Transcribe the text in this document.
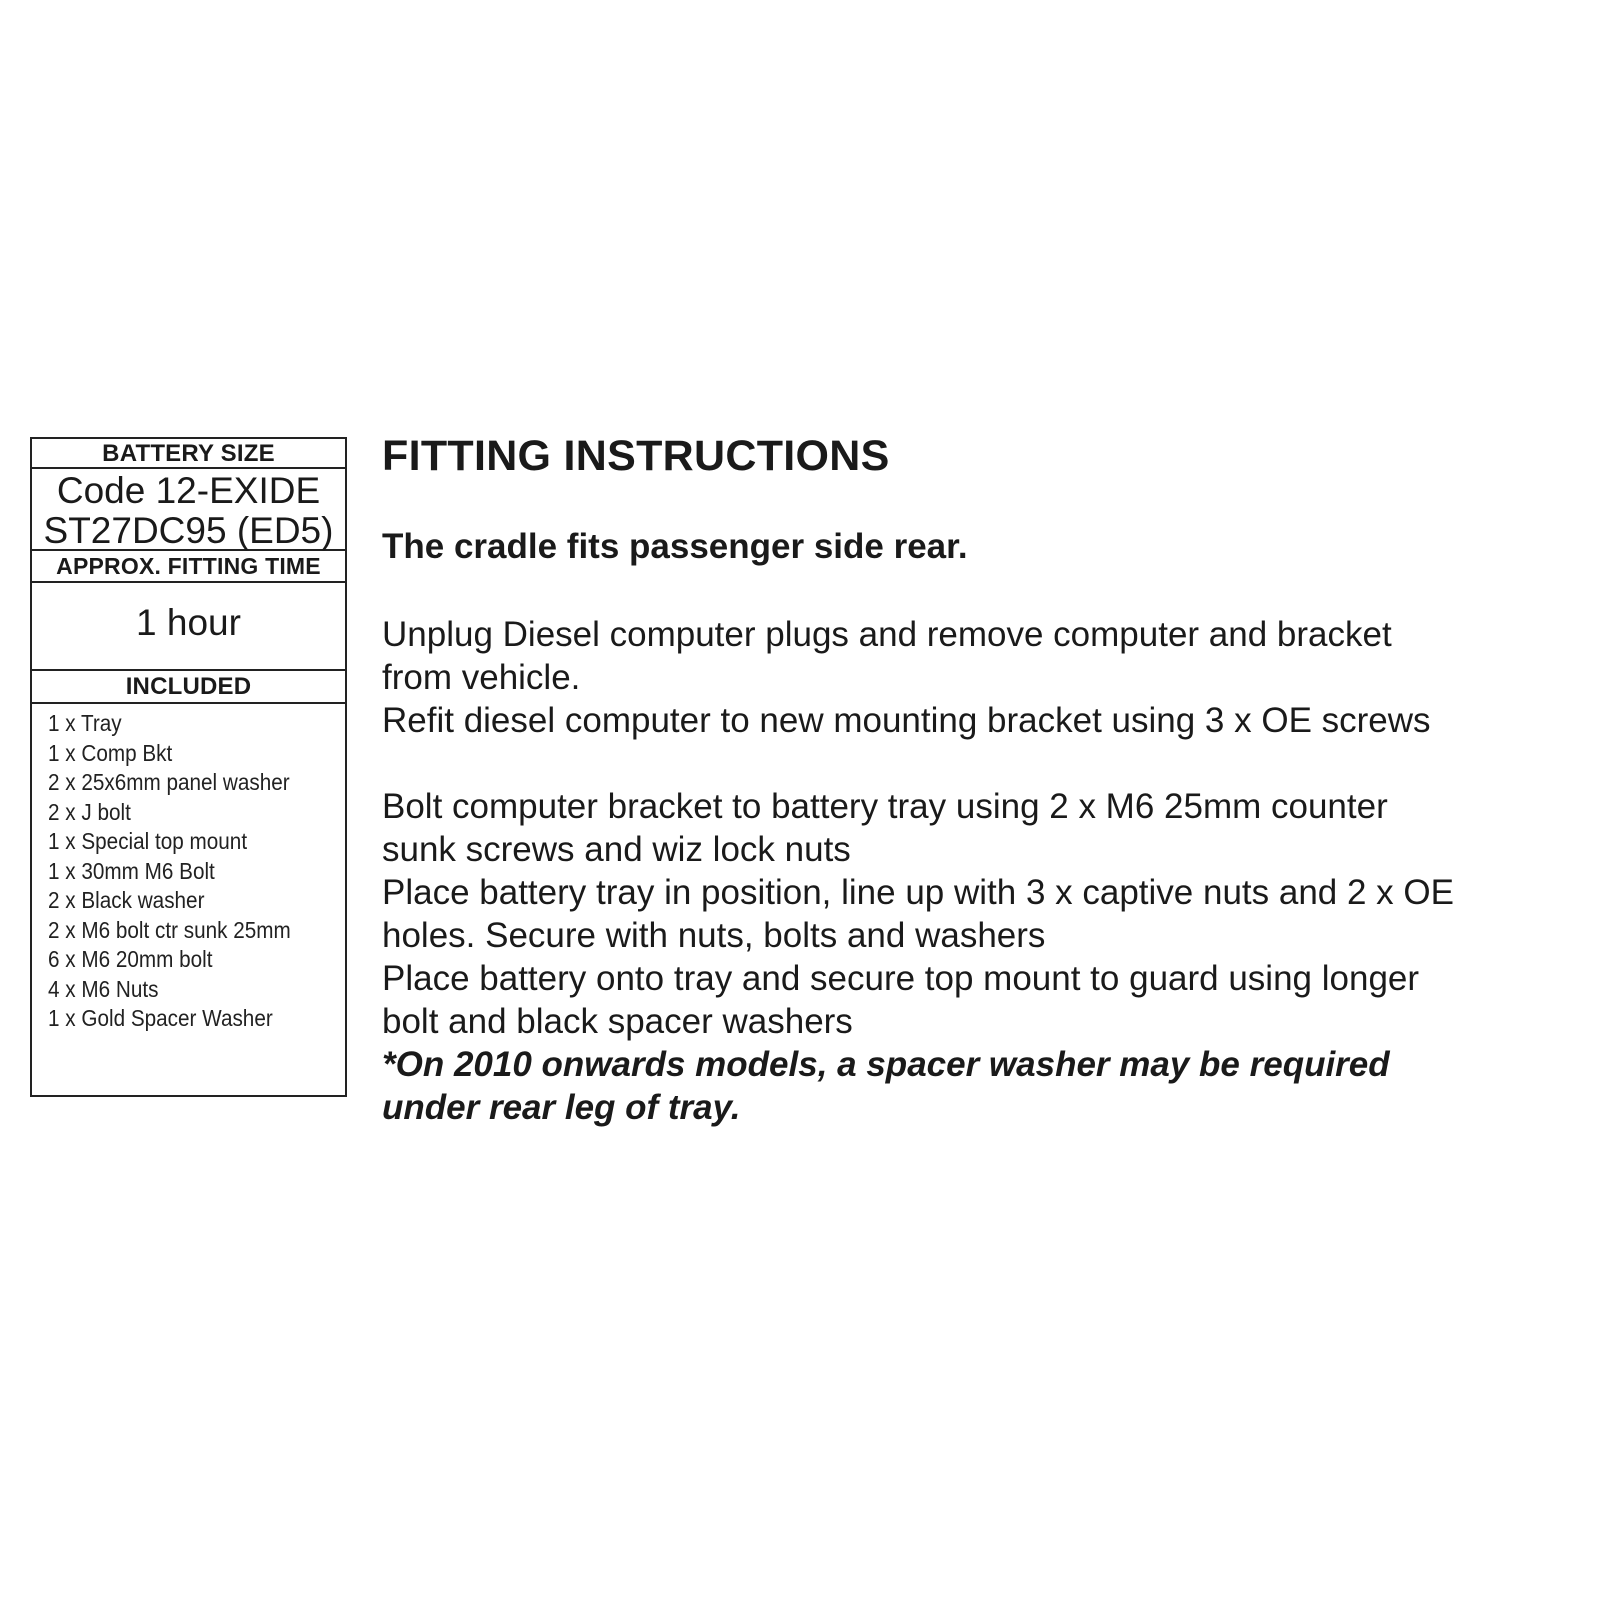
BATTERY SIZE
Code 12-EXIDE
ST27DC95 (ED5)
APPROX. FITTING TIME
1 hour
INCLUDED
1 x Tray
1 x Comp Bkt
2 x 25x6mm panel washer
2 x J bolt
1 x Special top mount
1 x 30mm M6 Bolt
2 x Black washer
2 x M6 bolt ctr sunk 25mm
6 x M6 20mm bolt
4 x M6 Nuts
1 x Gold Spacer Washer
FITTING INSTRUCTIONS

The cradle fits passenger side rear.

Unplug Diesel computer plugs and remove computer and bracket
from vehicle.

Refit diesel computer to new mounting bracket using 3 x OE screws

Bolt computer bracket to battery tray using 2 x M6 25mm counter
sunk screws and wiz lock nuts

Place battery tray in position, line up with 3 x captive nuts and 2 x OE
holes. Secure with nuts, bolts and washers

Place battery onto tray and secure top mount to guard using longer
bolt and black spacer washers

*On 2010 onwards models, a spacer washer may be required
under rear leg of tray.
